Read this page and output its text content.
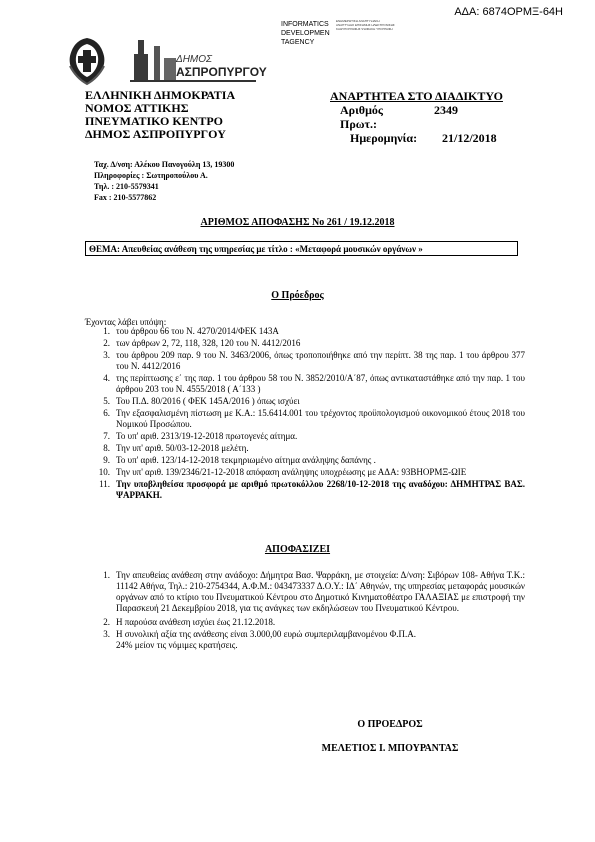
ΑΔΑ: 6874ΟΡΜΞ-64Η
INFORMATICS
DEVELOPMEN
TAGENCY
ΕΝΗΜΕΡΩΤΙΚΗ ΑΝΑΠΤΥΞΙΑΚΗ ΑΝΑΠΤΥΞΗΣ ΕΠΙΣΗΜΗΣ ΗΛΕΚΤΡΟΝΙΚΗΣ ΚΑΘΥΠΟΓΡΑΦΗΣ ΨΗΦΙΑΚΗ ΥΠΟΓΡΑΦΗ
ΔΗΜΟΣ
ΑΣΠΡΟΠΥΡΓΟΥ
ΕΛΛΗΝΙΚΗ ΔΗΜΟΚΡΑΤΙΑ
ΝΟΜΟΣ ΑΤΤΙΚΗΣ
ΠΝΕΥΜΑΤΙΚΟ ΚΕΝΤΡΟ
ΔΗΜΟΣ ΑΣΠΡΟΠΥΡΓΟΥ
ΑΝΑΡΤΗΤΕΑ ΣΤΟ ΔΙΑΔΙΚΤΥΟ
Αριθμός Πρωτ.:
2349
Ημερομηνία:	21/12/2018
Ταχ. Δ/νση: Αλέκου Πανογούλη 13, 19300
Πληροφορίες : Σωτηροπούλου Α.
Τηλ. : 210-5579341
Fax : 210-5577862
ΑΡΙΘΜΟΣ ΑΠΟΦΑΣΗΣ Νο 261 / 19.12.2018
ΘΕΜΑ: Απευθείας ανάθεση της υπηρεσίας με τίτλο : «Μεταφορά μουσικών οργάνων »
Ο Πρόεδρος
Έχοντας λάβει υπόψη:
1. του άρθρου 66 του Ν. 4270/2014/ΦΕΚ 143Α
2. των άρθρων 2, 72, 118, 328, 120 του Ν. 4412/2016
3. του άρθρου 209 παρ. 9 του Ν. 3463/2006, όπως τροποποιήθηκε από την περίπτ. 38 της παρ. 1 του άρθρου 377 του Ν. 4412/2016
4. της περίπτωσης ε΄ της παρ. 1 του άρθρου 58 του Ν. 3852/2010/Α΄87, όπως αντικαταστάθηκε από την παρ. 1 του άρθρου 203 του Ν. 4555/2018 ( Α΄133 )
5. Του Π.Δ. 80/2016 ( ΦΕΚ 145Α/2016 ) όπως ισχύει
6. Την εξασφαλισμένη πίστωση με Κ.Α.: 15.6414.001 του τρέχοντος προϋπολογισμού οικονομικού έτους 2018 του Νομικού Προσώπου.
7. Το υπ' αριθ. 2313/19-12-2018 πρωτογενές αίτημα.
8. Την υπ' αριθ. 50/03-12-2018 μελέτη.
9. Το υπ' αριθ. 123/14-12-2018 τεκμηριωμένο αίτημα ανάληψης δαπάνης .
10. Την υπ' αριθ. 139/2346/21-12-2018 απόφαση ανάληψης υποχρέωσης με ΑΔΑ: 93ΒΗΟΡΜΞ-ΩΙΕ
11. Την υποβληθείσα προσφορά με αριθμό πρωτοκόλλου 2268/10-12-2018 της αναδόχου: ΔΗΜΗΤΡΑΣ ΒΑΣ. ΨΑΡΡΑΚΗ.
ΑΠΟΦΑΣΙΖΕΙ
1. Την απευθείας ανάθεση στην ανάδοχο: Δήμητρα Βασ. Ψαρράκη, με στοιχεία: Δ/νση: Σιβόρων 108- Αθήνα Τ.Κ.: 11142 Αθήνα, Τηλ.: 210-2754344, Α.Φ.Μ.: 043473337 Δ.Ο.Υ.: ΙΔ΄ Αθηνών, της υπηρεσίας μεταφοράς μουσικών οργάνων από το κτίριο του Πνευματικού Κέντρου στο Δημοτικό Κινηματοθέατρο ΓΑΛΑΞΙΑΣ με επιστροφή την Παρασκευή 21 Δεκεμβρίου 2018, για τις ανάγκες των εκδηλώσεων του Πνευματικού Κέντρου.
2. Η παρούσα ανάθεση ισχύει έως 21.12.2018.
3. Η συνολική αξία της ανάθεσης είναι 3.000,00 ευρώ συμπεριλαμβανομένου Φ.Π.Α. 24% μείον τις νόμιμες κρατήσεις.
Ο ΠΡΟΕΔΡΟΣ
ΜΕΛΕΤΙΟΣ Ι. ΜΠΟΥΡΑΝΤΑΣ
